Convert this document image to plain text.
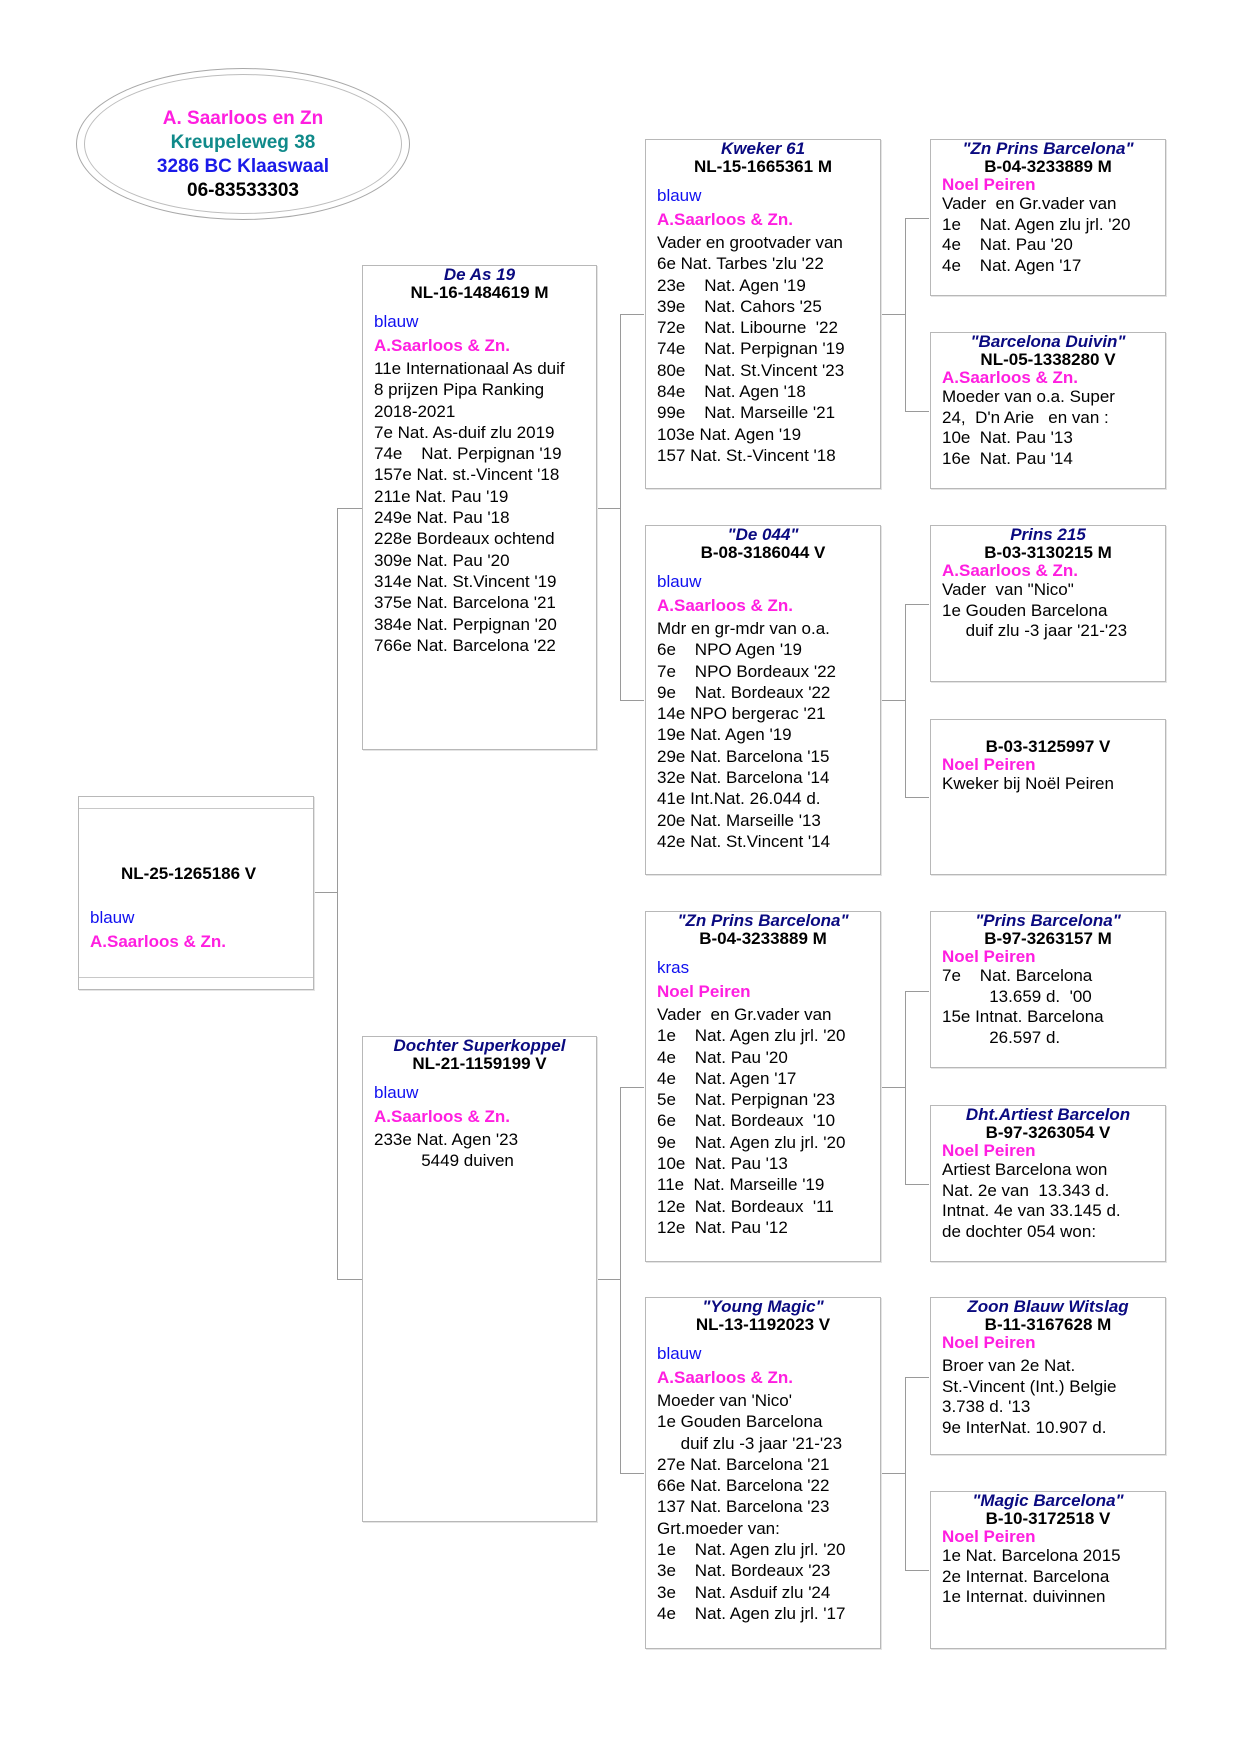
A. Saarloos en Zn
Kreupeleweg 38
3286 BC Klaaswaal
06-83533303
NL-25-1265186 V
blauw
A.Saarloos & Zn.
De As 19
NL-16-1484619 M
blauw
A.Saarloos & Zn.
11e Internationaal As duif
8 prijzen Pipa Ranking
2018-2021
7e Nat. As-duif zlu 2019
74e    Nat. Perpignan '19
157e Nat. st.-Vincent '18
211e Nat. Pau '19
249e Nat. Pau '18
228e Bordeaux ochtend
309e Nat. Pau '20
314e Nat. St.Vincent '19
375e Nat. Barcelona '21
384e Nat. Perpignan '20
766e Nat. Barcelona '22
Dochter Superkoppel
NL-21-1159199 V
blauw
A.Saarloos & Zn.
233e Nat. Agen '23
5449 duiven
Kweker 61
NL-15-1665361 M
blauw
A.Saarloos & Zn.
Vader en grootvader van
6e Nat. Tarbes 'zlu '22
23e    Nat. Agen '19
39e    Nat. Cahors '25
72e    Nat. Libourne  '22
74e    Nat. Perpignan '19
80e    Nat. St.Vincent '23
84e    Nat. Agen '18
99e    Nat. Marseille '21
103e Nat. Agen '19
157 Nat. St.-Vincent '18
"De 044"
B-08-3186044 V
blauw
A.Saarloos & Zn.
Mdr en gr-mdr van o.a.
6e    NPO Agen '19
7e    NPO Bordeaux '22
9e    Nat. Bordeaux '22
14e NPO bergerac '21
19e Nat. Agen '19
29e Nat. Barcelona '15
32e Nat. Barcelona '14
41e Int.Nat. 26.044 d.
20e Nat. Marseille '13
42e Nat. St.Vincent '14
"Zn Prins Barcelona"
B-04-3233889 M
kras
Noel Peiren
Vader  en Gr.vader van
1e    Nat. Agen zlu jrl. '20
4e    Nat. Pau '20
4e    Nat. Agen '17
5e    Nat. Perpignan '23
6e    Nat. Bordeaux  '10
9e    Nat. Agen zlu jrl. '20
10e  Nat. Pau '13
11e  Nat. Marseille '19
12e  Nat. Bordeaux  '11
12e  Nat. Pau '12
"Young Magic"
NL-13-1192023 V
blauw
A.Saarloos & Zn.
Moeder van 'Nico'
1e Gouden Barcelona
duif zlu -3 jaar '21-'23
27e Nat. Barcelona '21
66e Nat. Barcelona '22
137 Nat. Barcelona '23
Grt.moeder van:
1e    Nat. Agen zlu jrl. '20
3e    Nat. Bordeaux '23
3e    Nat. Asduif zlu '24
4e    Nat. Agen zlu jrl. '17
"Zn Prins Barcelona"
B-04-3233889 M
Noel Peiren
Vader  en Gr.vader van
1e    Nat. Agen zlu jrl. '20
4e    Nat. Pau '20
4e    Nat. Agen '17
"Barcelona Duivin"
NL-05-1338280 V
A.Saarloos & Zn.
Moeder van o.a. Super
24,  D'n Arie   en van :
10e  Nat. Pau '13
16e  Nat. Pau '14
Prins 215
B-03-3130215 M
A.Saarloos & Zn.
Vader  van "Nico"
1e Gouden Barcelona
duif zlu -3 jaar '21-'23
B-03-3125997 V
Noel Peiren
Kweker bij Noël Peiren
"Prins Barcelona"
B-97-3263157 M
Noel Peiren
7e    Nat. Barcelona
13.659 d.  '00
15e Intnat. Barcelona
26.597 d.
Dht.Artiest Barcelon
B-97-3263054 V
Noel Peiren
Artiest Barcelona won
Nat. 2e van  13.343 d.
Intnat. 4e van 33.145 d.
de dochter 054 won:
Zoon Blauw Witslag
B-11-3167628 M
Noel Peiren
Broer van 2e Nat.
St.-Vincent (Int.) Belgie
3.738 d. '13
9e InterNat. 10.907 d.
"Magic Barcelona"
B-10-3172518 V
Noel Peiren
1e Nat. Barcelona 2015
2e Internat. Barcelona
1e Internat. duivinnen
